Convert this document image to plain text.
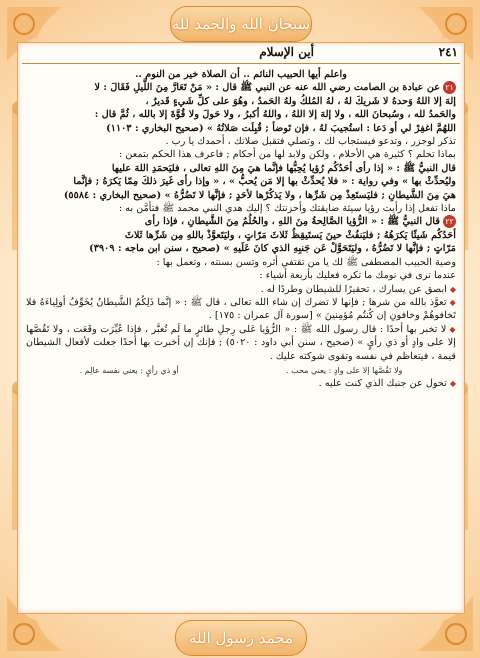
سبحان الله والحمد لله
محمد رسول الله
٢٤١
أين الإسلام

واعلم أيها الحبيب النائم .. أن الصلاة خير من النوم ..

٢١عن عبادة بن الصامت رضي الله عنه عن النبي ﷺ قال : « مَنْ تَعَارَّ مِنَ اللَّيلِ فَقَالَ : لا

إلهَ إلا اللهُ وَحدهُ لا شَريكَ لهُ ، لهُ المُلكُ ولهُ الحَمدُ ، وهُوَ على كلِّ شَيءٍ قَديرٌ ،

والحَمدُ لله ، وسُبحانَ الله ، ولا إلهَ إلا اللهُ ، واللهُ أكبرُ ، ولا حَولَ ولا قُوَّةَ إلا بالله ، ثُمَّ قال :

اللهُمَّ اغفِرْ لي أو دَعا : استُجيبَ لهُ ، فإن تَوضأ ; قُبِلَت صَلاتُهُ » (صحيح البخاري : ١١٠٣)

تذكر لوجزر ، وتدعو فيستجاب لك ، وتصلي فتقبل صلاتك ، أحمدك يا رب .

بماذا تحلم ؟ كثيرة هي الأحلام ، ولكن ولابد لها من أحكام ; فاعرف هذا الحكم بتمعن :

قال النبيُّ ﷺ : « إذا رأى أحَدُكُم رُؤيا يُحِبُّها فإنَّما هيَ مِنَ اللهِ تعالى ، فليَحمَدِ اللهَ عليها

وليُحدِّثْ بها » وفي رواية : « فلا يُحدِّثْ بها إلا مَن يُحبُّ » ، « وإذا رأى غَيرَ ذلكَ مِمّا يَكرَهُ ; فإنَّما

هيَ مِنَ الشَّيطانِ ; فليَستَعِذْ مِن شَرِّها ، ولا يَذكُرْها لأحَدٍ ; فإنَّها لا تَضُرُّهُ » (صحيح البخاري : ٥٥٨٤)

ماذا تفعل إذا رأيت رؤيا سيئة ضايقتك وأحزنتك ؟ إليك هدي النبي محمد ﷺ فتأمَّن به :

٢٢قال النبيُّ ﷺ : « الرُّؤيا الصَّالِحةُ مِنَ اللهِ ، والحُلُمُ مِنَ الشَّيطانِ ، فإذا رأى

أحَدُكُم شَيئًا يَكرَهُهُ ; فليَنفُثْ حينَ يَستَيقِظُ ثَلاثَ مَرّاتٍ ، وليَتَعوَّذْ باللهِ مِن شَرِّها ثَلاثَ

مَرّاتٍ ; فإنَّها لا تَضُرُّهُ ، وليَتَحَوَّلْ عَن جَنبِهِ الذي كانَ عَلَيهِ » (صحيح ، سنن ابن ماجه : ٣٩٠٩)

وصية الحبيب المصطفى ﷺ لك يا من تقتفي أثره وتسن بسنته ، وتعمل بها :

عندما ترى في نومك ما تكره فعليك بأربعة أشياء :

◆ابصق عن يسارك ، تحقيرًا للشيطان وطردًا له .

◆تعوَّذ بالله من شرها ; فإنها لا تضرك إن شاء الله تعالى ، قال ﷺ : « إنَّما ذَلِكُمُ الشَّيطانُ يُخَوِّفُ أولِياءَهُ فلا تَخافوهُمْ وخافونِ إن كُنتُم مُؤمِنينَ » [سورة آل عمران : ١٧٥] .

◆لا تخبر بها أحدًا : قال رسول الله ﷺ : « الرُّؤيا عَلى رِجلِ طائرٍ ما لَم تُعبَّر ، فإذا عُبِّرَت وقَعَت ، ولا تَقُصَّها إلا على وادٍ أو ذي رأيٍ » (صحيح ، سنن أبي داود : ٥٠٢٠) ; فإنك إن أخبرت بها أحدًا جعلت لأفعال الشيطان قيمة ، فيتعاظم في نفسه وتقوى شوكته عليك .

ولا تَقُصَّها إلا على وادٍ : يعني محب .
أو ذي رأيٍ : يعني نفسه عالِم .

◆تحول عن جنبك الذي كنت عليه .
